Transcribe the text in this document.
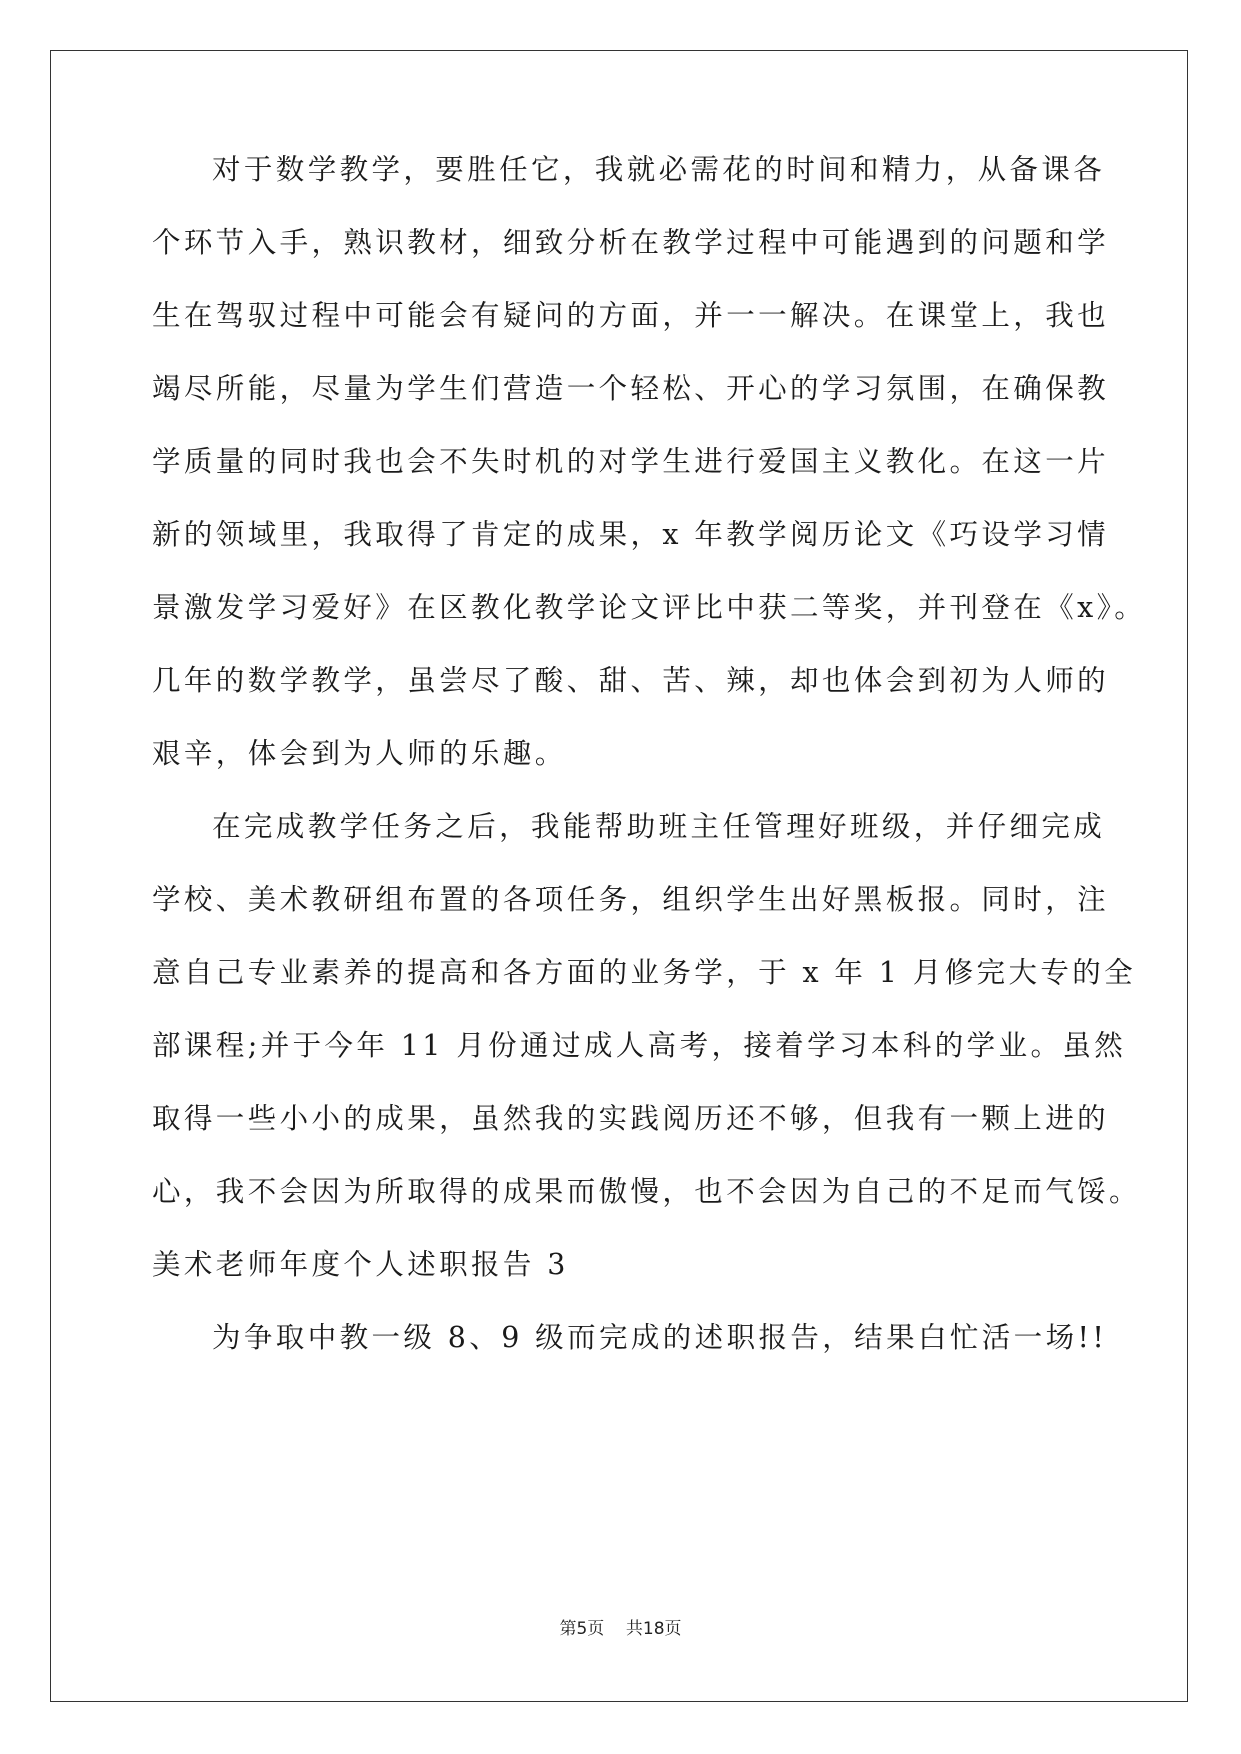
对于数学教学，要胜任它，我就必需花的时间和精力，从备课各
个环节入手，熟识教材，细致分析在教学过程中可能遇到的问题和学
生在驾驭过程中可能会有疑问的方面，并一一解决。在课堂上，我也
竭尽所能，尽量为学生们营造一个轻松、开心的学习氛围，在确保教
学质量的同时我也会不失时机的对学生进行爱国主义教化。在这一片
新的领域里，我取得了肯定的成果，x 年教学阅历论文《巧设学习情
景激发学习爱好》在区教化教学论文评比中获二等奖，并刊登在《x》。
几年的数学教学，虽尝尽了酸、甜、苦、辣，却也体会到初为人师的
艰辛，体会到为人师的乐趣。
在完成教学任务之后，我能帮助班主任管理好班级，并仔细完成
学校、美术教研组布置的各项任务，组织学生出好黑板报。同时，注
意自己专业素养的提高和各方面的业务学，于 x 年 1 月修完大专的全
部课程;并于今年 11 月份通过成人高考，接着学习本科的学业。虽然
取得一些小小的成果，虽然我的实践阅历还不够，但我有一颗上进的
心，我不会因为所取得的成果而傲慢，也不会因为自己的不足而气馁。
美术老师年度个人述职报告 3
为争取中教一级 8、9 级而完成的述职报告，结果白忙活一场!!
第5页 共18页
